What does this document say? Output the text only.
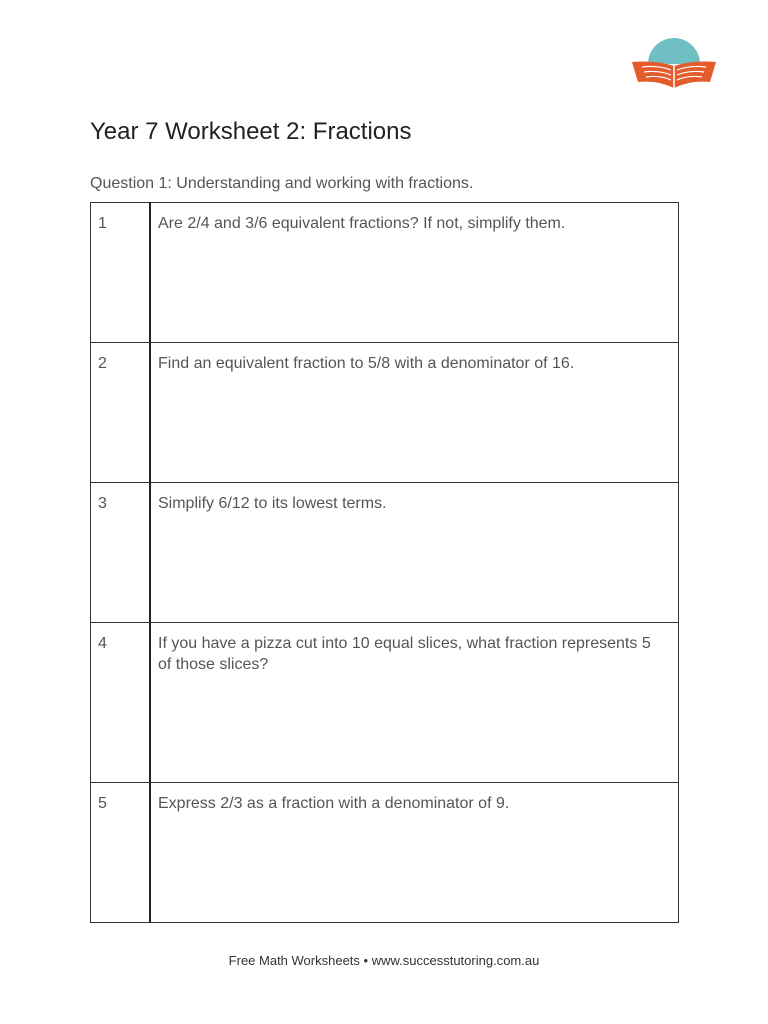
Year 7 Worksheet 2: Fractions

Question 1: Understanding and working with fractions.

1	Are 2/4 and 3/6 equivalent fractions? If not, simplify them.
2	Find an equivalent fraction to 5/8 with a denominator of 16.
3	Simplify 6/12 to its lowest terms.
4	If you have a pizza cut into 10 equal slices, what fraction represents 5 of those slices?
5	Express 2/3 as a fraction with a denominator of 9.
Free Math Worksheets • www.successtutoring.com.au
